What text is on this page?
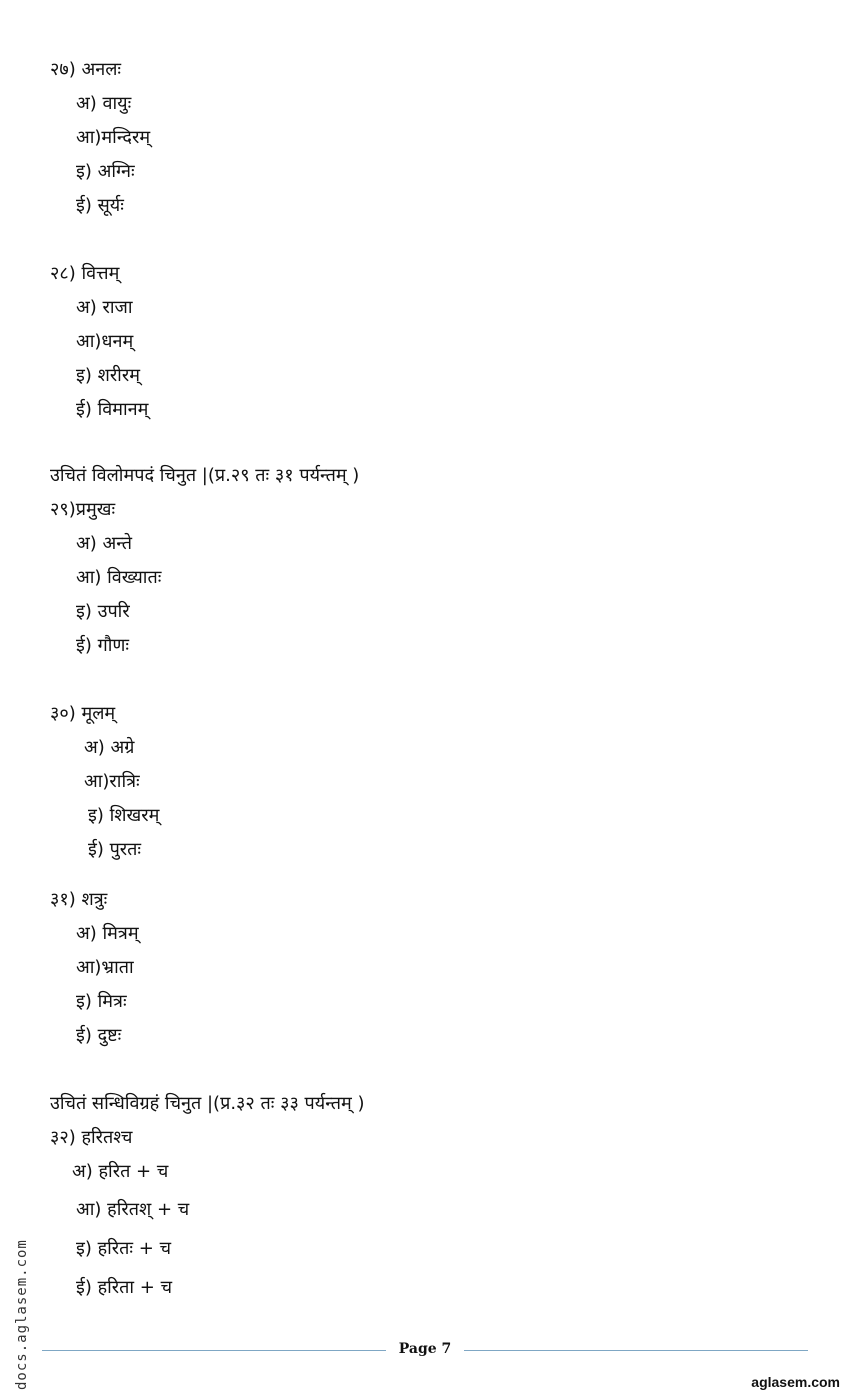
२७) अनलः
अ) वायुः
आ)मन्दिरम्
इ) अग्निः
ई) सूर्यः
२८) वित्तम्
अ) राजा
आ)धनम्
इ) शरीरम्
ई) विमानम्
उचितं विलोमपदं चिनुत |(प्र.२९ तः ३१ पर्यन्तम् )
२९)प्रमुखः
अ) अन्ते
आ) विख्यातः
इ) उपरि
ई) गौणः
३०) मूलम्
अ) अग्रे
आ)रात्रिः
इ) शिखरम्
ई) पुरतः
३१) शत्रुः
अ) मित्रम्
आ)भ्राता
इ) मित्रः
ई) दुष्टः
उचितं सन्धिविग्रहं चिनुत |(प्र.३२ तः ३३ पर्यन्तम् )
३२) हरितश्च
अ) हरित + च
आ) हरितश् + च
इ) हरितः + च
ई) हरिता + च
docs.aglasem.com	Page 7
aglasem.com
